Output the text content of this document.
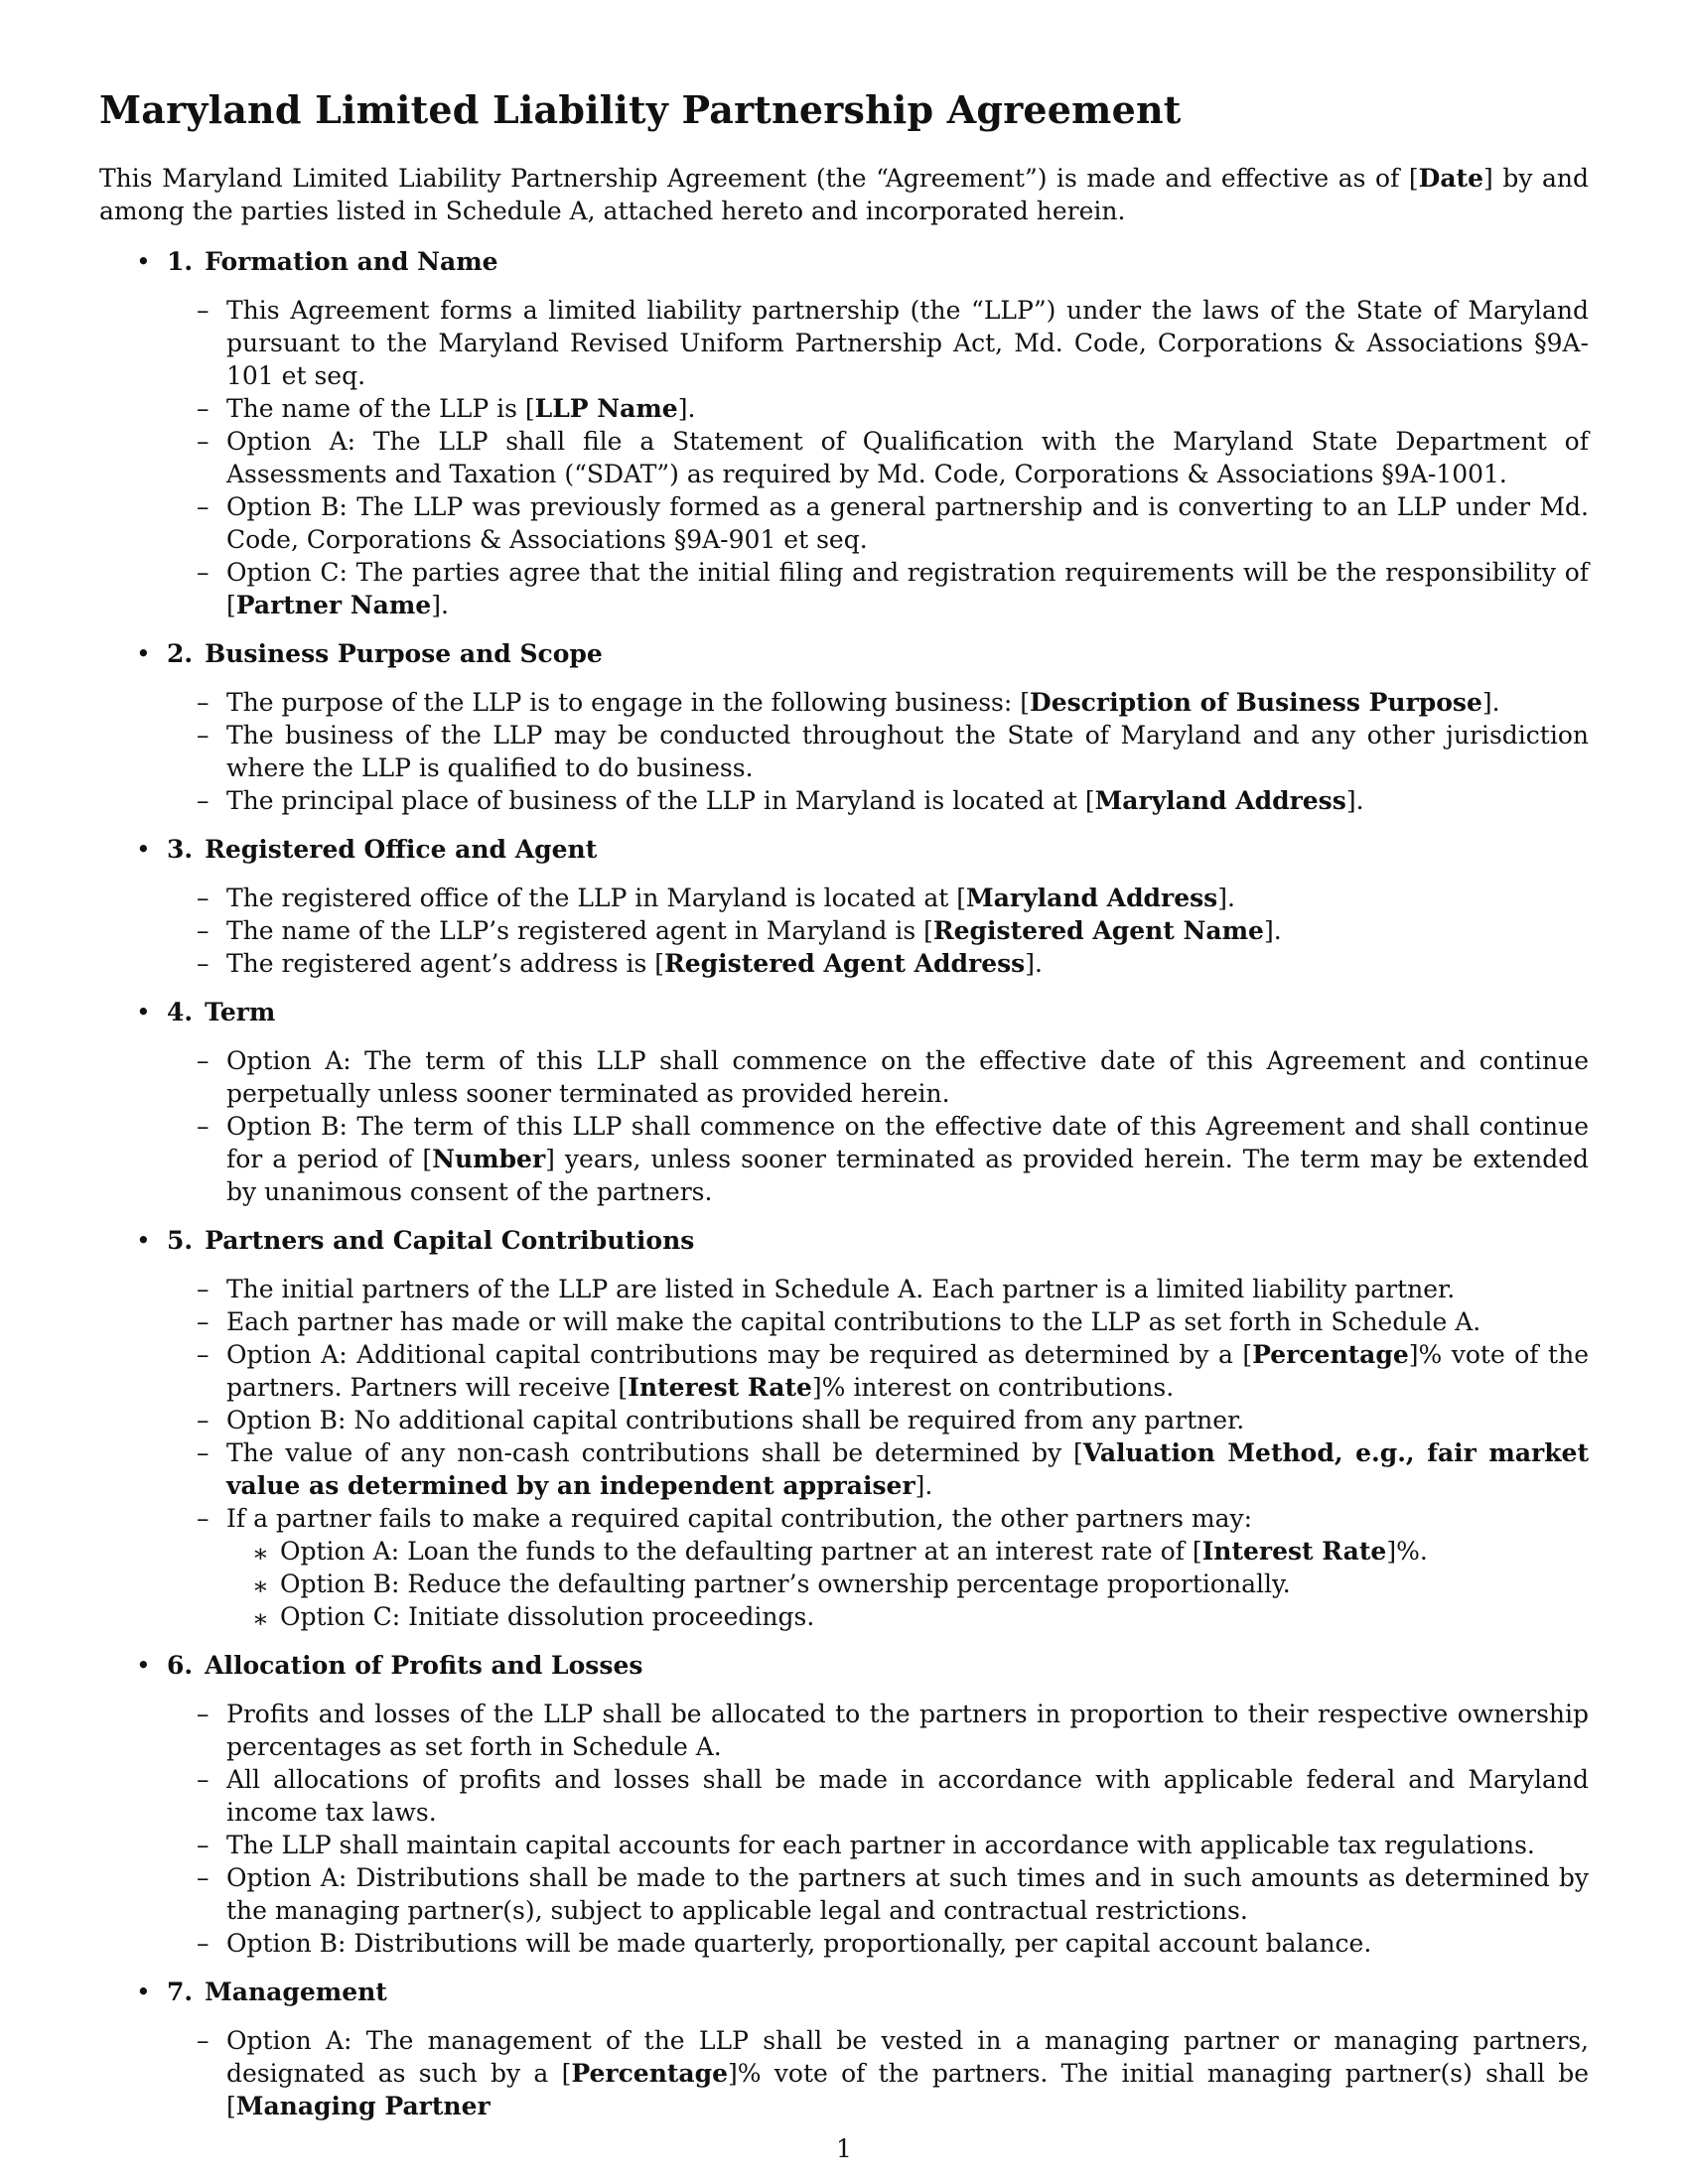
Maryland Limited Liability Partnership Agreement

This Maryland Limited Liability Partnership Agreement (the “Agreement”) is made and effective as of [Date] by and among the parties listed in Schedule A, attached hereto and incorporated herein.

• 1. Formation and Name
– This Agreement forms a limited liability partnership (the “LLP”) under the laws of the State of Maryland pursuant to the Maryland Revised Uniform Partnership Act, Md. Code, Corporations & Associations §9A-101 et seq.
– The name of the LLP is [LLP Name].
– Option A: The LLP shall file a Statement of Qualification with the Maryland State Department of Assessments and Taxation (“SDAT”) as required by Md. Code, Corporations & Associations §9A-1001.
– Option B: The LLP was previously formed as a general partnership and is converting to an LLP under Md. Code, Corporations & Associations §9A-901 et seq.
– Option C: The parties agree that the initial filing and registration requirements will be the responsibility of [Partner Name].
• 2. Business Purpose and Scope
– The purpose of the LLP is to engage in the following business: [Description of Business Purpose].
– The business of the LLP may be conducted throughout the State of Maryland and any other jurisdiction where the LLP is qualified to do business.
– The principal place of business of the LLP in Maryland is located at [Maryland Address].
• 3. Registered Office and Agent
– The registered office of the LLP in Maryland is located at [Maryland Address].
– The name of the LLP’s registered agent in Maryland is [Registered Agent Name].
– The registered agent’s address is [Registered Agent Address].
• 4. Term
– Option A: The term of this LLP shall commence on the effective date of this Agreement and continue perpetually unless sooner terminated as provided herein.
– Option B: The term of this LLP shall commence on the effective date of this Agreement and shall continue for a period of [Number] years, unless sooner terminated as provided herein. The term may be extended by unanimous consent of the partners.
• 5. Partners and Capital Contributions
– The initial partners of the LLP are listed in Schedule A. Each partner is a limited liability partner.
– Each partner has made or will make the capital contributions to the LLP as set forth in Schedule A.
– Option A: Additional capital contributions may be required as determined by a [Percentage]% vote of the partners. Partners will receive [Interest Rate]% interest on contributions.
– Option B: No additional capital contributions shall be required from any partner.
– The value of any non-cash contributions shall be determined by [Valuation Method, e.g., fair market value as determined by an independent appraiser].
– If a partner fails to make a required capital contribution, the other partners may:
∗ Option A: Loan the funds to the defaulting partner at an interest rate of [Interest Rate]%.
∗ Option B: Reduce the defaulting partner’s ownership percentage proportionally.
∗ Option C: Initiate dissolution proceedings.
• 6. Allocation of Profits and Losses
– Profits and losses of the LLP shall be allocated to the partners in proportion to their respective ownership percentages as set forth in Schedule A.
– All allocations of profits and losses shall be made in accordance with applicable federal and Maryland income tax laws.
– The LLP shall maintain capital accounts for each partner in accordance with applicable tax regulations.
– Option A: Distributions shall be made to the partners at such times and in such amounts as determined by the managing partner(s), subject to applicable legal and contractual restrictions.
– Option B: Distributions will be made quarterly, proportionally, per capital account balance.
• 7. Management
– Option A: The management of the LLP shall be vested in a managing partner or managing partners, designated as such by a [Percentage]% vote of the partners. The initial managing partner(s) shall be [Managing Partner
1
